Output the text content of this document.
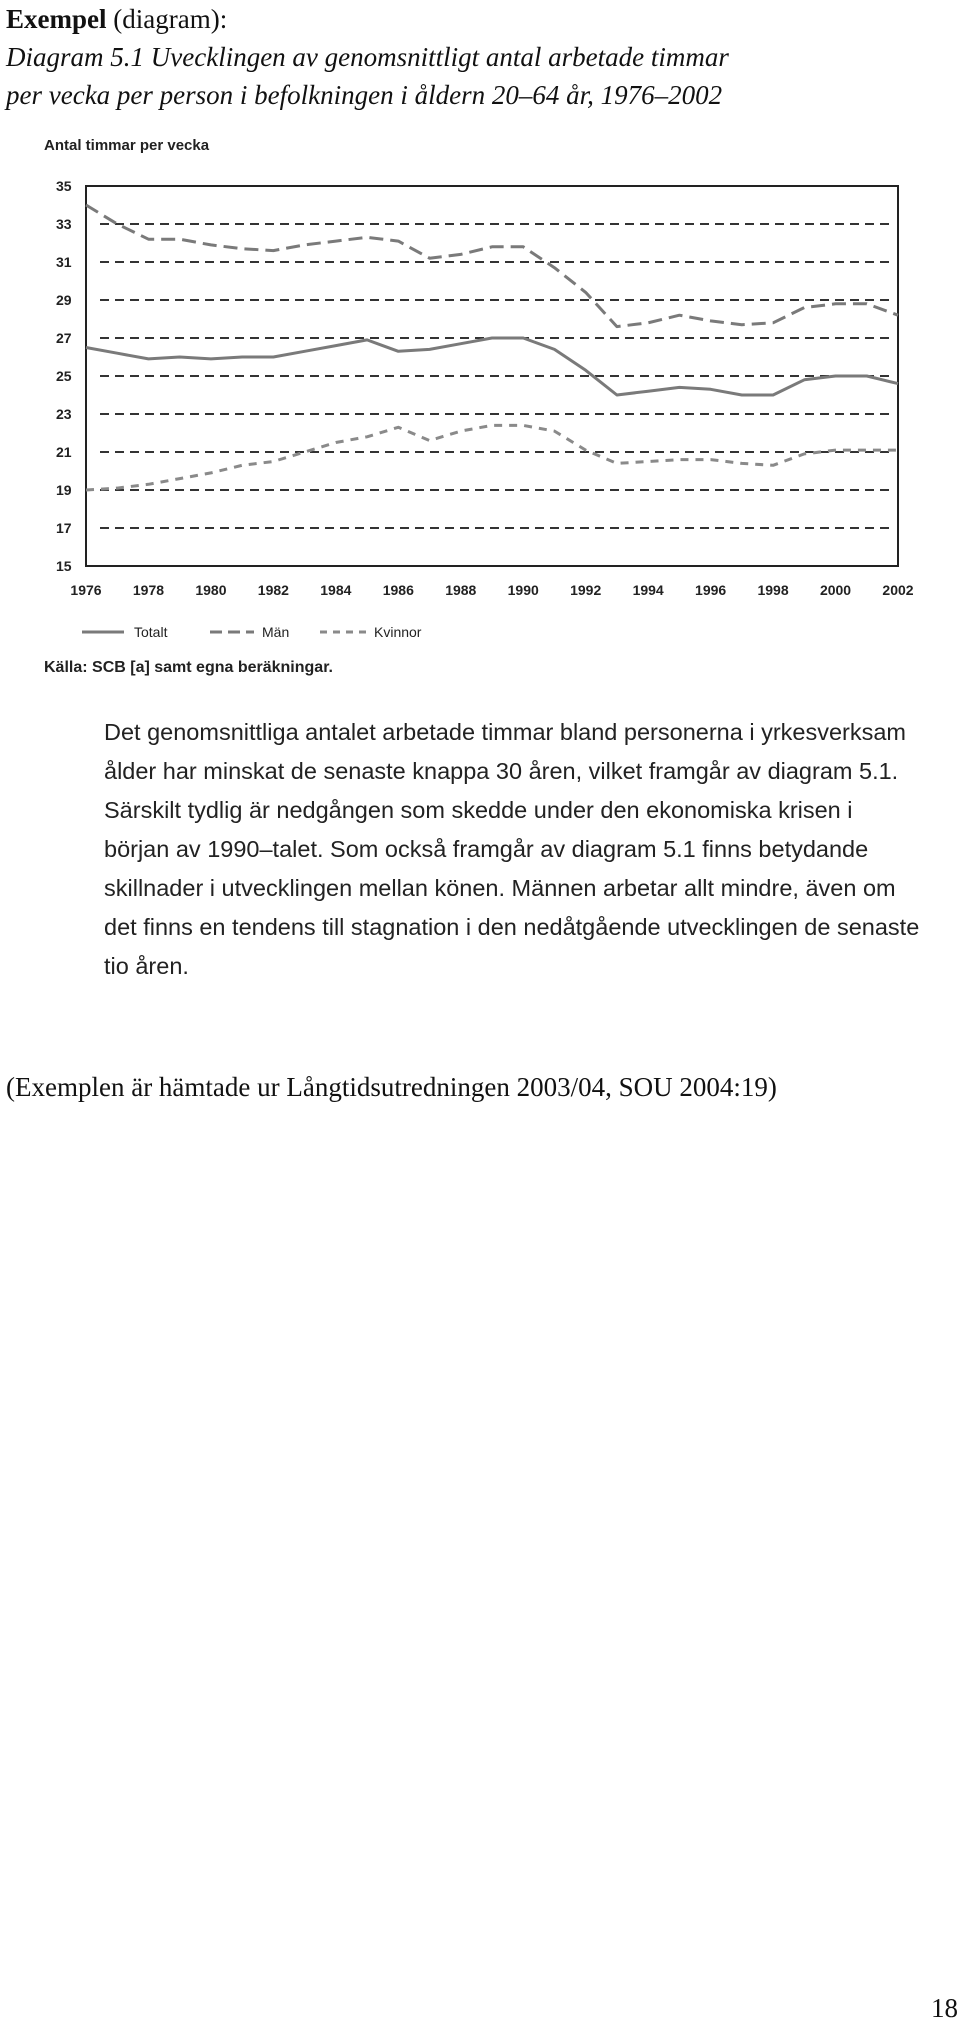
Exempel (diagram):
Diagram 5.1 Uvecklingen av genomsnittligt antal arbetade timmar
per vecka per person i befolkningen i åldern 20–64 år, 1976–2002
Antal timmar per vecka
35
33
31
29
27
25
23
21
19
17
15
1976 1978 1980 1982 1984 1986 1988 1990 1992 1994 1996 1998 2000 2002
Totalt	Män	Kvinnor
Källa: SCB [a] samt egna beräkningar.

Det genomsnittliga antalet arbetade timmar bland personerna i yrkesverksam ålder har minskat de senaste knappa 30 åren, vilket framgår av diagram 5.1. Särskilt tydlig är nedgången som skedde under den ekonomiska krisen i början av 1990–talet. Som också framgår av diagram 5.1 finns betydande skillnader i utvecklingen mellan könen. Männen arbetar allt mindre, även om det finns en tendens till stagnation i den nedåtgående utvecklingen de senaste tio åren.

(Exemplen är hämtade ur Långtidsutredningen 2003/04, SOU 2004:19)

18
